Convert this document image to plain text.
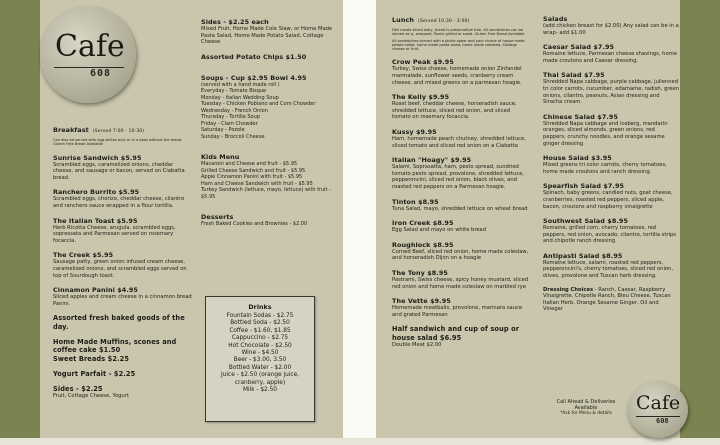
Cafe
608
Breakfast (Served 7:00 - 10:30)
Can also be served with egg whites only or in a bowl without the bread. Gluten Free Bread Available
Sunrise Sandwich $5.95
Scrambled eggs, caramelized onions, cheddar cheese, and sausage or bacon, served on Ciabatta bread.
Ranchero Burrito $5.95
Scrambled eggs, chorizo, cheddar cheese, cilantro and ranchero sauce wrapped in a flour tortilla.
The Italian Toast $5.95
Herb Ricotta Cheese, arugula, scrambled eggs, sopressata and Parmesan served on rosemary focaccia.
The Creek $5.95
Sausage patty, green onion infused cream cheese, caramelized onions, and scrambled eggs served on top of Sourdough toast.
Cinnamon Panini $4.95
Sliced apples and cream cheese in a cinnamon bread Panini.
Assorted fresh baked goods of the day.
Home Made Muffins, scones and coffee cake $1.50
Sweet Breads $2.25
Yogurt Parfait - $2.25
Sides - $2.25
Fruit, Cottage Cheese, Yogurt
Sides - $2.25 each
Mixed Fruit, Home Made Cole Slaw, or Home Made Pasta Salad, Home Made Potato Salad, Cottage Cheese
Assorted Potato Chips $1.50
Soups - Cup $2.95 Bowl 4.95
(served with a hand made roll )
Everyday - Tomato Bisque
Monday - Italian Wedding Soup
Tuesday - Chicken Poblano and Corn Chowder
Wednesday - French Onion
Thursday - Tortilla Soup
Friday - Clam Chowder
Saturday - Pozole
Sunday - Broccoli Cheese
Kids Menu
Macaroni and Cheese and fruit - $5.95
Grilled Cheese Sandwich and fruit - $5.95
Apple Cinnamon Panini with fruit - $5.95
Ham and Cheese Sandwich with fruit - $5.95
Turkey Sandwich (lettuce, mayo, lettuce) with fruit - $5.95
Desserts
Fresh Baked Cookies and Brownies - $2.00
Lunch (Served 10:30 - 3:00)
Deli meats sliced daily, bread is preservative free. All sandwiches can be served as is, wrapped, Panini grilled or salad. Gluten Free Bread Available
All sandwiches served with a pickle spear and your choice of house made potato salad, home made pasta salad, home made coleslaw, Cottage cheese or fruit.
Crow Peak $9.95
Turkey, Swiss cheese, homemade onion Zinfandel marmalade, sunflower seeds, cranberry cream cheese, and mixed greens on a parmesan hoagie.
The Kelly $9.95
Roast beef, cheddar cheese, horseradish sauce, shredded lettuce, sliced red onion, and sliced tomato on rosemary focaccia.
Kussy $9.95
Ham, homemade peach chutney, shredded lettuce, sliced tomato and sliced red onion on a Ciabatta
Italian "Hoagy" $9.95
Salami, Soprasatta, ham, pesto spread, sundried tomato pesto spread, provolone, shredded lettuce, pepperoncini, sliced red onion, black olives, and roasted red peppers on a Parmesan hoagie.
Tinton $8.95
Tuna Salad, mayo, shredded lettuce on wheat bread
Iron Creek $8.95
Egg Salad and mayo on white bread
Roughlock $8.95
Corned Beef, sliced red onion, home made coleslaw, and horseradish Dijon on a hoagie
The Tony $8.95
Pastrami, Swiss cheese, spicy honey mustard, sliced red onion and home made coleslaw on marbled rye
The Vette $9.95
Homemade meatballs, provolone, marinara sauce and grated Parmesan
Half sandwich and cup of soup or house salad $6.95
Double Meat $2.00
Salads
(add chicken breast for $2.00) Any salad can be in a wrap- add $1.00
Caesar Salad $7.95
Romaine lettuce, Parmesan cheese shavings, home made croutons and Caesar dressing.
Thai Salad $7.95
Shredded Napa cabbage, purple cabbage, julienned tri color carrots, cucumber, edamame, radish, green onions, cilantro, peanuts, Asian dressing and Siracha cream.
Chinese Salad $7.95
Shredded Napa cabbage and iceberg, mandarin oranges, sliced almonds, green onions, red peppers, crunchy noodles, and orange sesame ginger dressing
House Salad $3.95
Mixed greens tri color carrots, cherry tomatoes, home made croutons and ranch dressing.
Spearfish Salad $7.95
Spinach, baby greens, candied nuts, goat cheese, cranberries, roasted red peppers, sliced apple, bacon, croutons and raspberry vinaigrette
Southwest Salad $8.95
Romaine, grilled corn, cherry tomatoes, red peppers, red onion, avocado, cilantro, tortilla strips and chipotle ranch dressing.
Antipasti Salad $8.95
Romaine lettuce, salami, roasted red peppers, pepperoncini's, cherry tomatoes, sliced red onion, olives, provolone and Tuscan herb dressing.
Dressing Choices - Ranch, Caesar, Raspberry Vinaigrette, Chipotle Ranch, Bleu Cheese, Tuscan Italian Herb, Orange Sesame Ginger, Oil and Vinegar
Drinks
Fountain Sodas - $2.75
Bottled Soda - $2.50
Coffee - $1.60, $1.85
Cappuccino - $2.75
Hot Chocolate - $2.50
Wine - $4.50
Beer - $3.00, 3.50
Bottled Water - $2.00
Juice - $2.50 (orange juice,
cranberry, apple)
Milk - $2.50
Call Ahead & Deliveries
Available
*Ask for Menu & details	Cafe
608
